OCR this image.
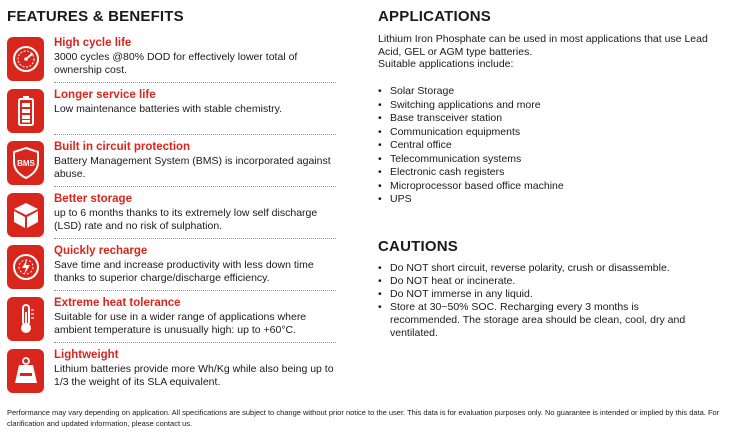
FEATURES & BENEFITS
High cycle life
3000 cycles @80% DOD for effectively lower total of ownership cost.
Longer service life
Low maintenance batteries with stable chemistry.
BMS
Built in circuit protection
Battery Management System (BMS) is incorporated against abuse.
Better storage
up to 6 months thanks to its extremely low self discharge (LSD) rate and no risk of sulphation.
Quickly recharge
Save time and increase productivity with less down time thanks to superior charge/discharge efficiency.
Extreme heat tolerance
Suitable for use in a wider range of applications where ambient temperature is unusually high: up to +60°C.
Lightweight
Lithium batteries provide more Wh/Kg while also being up to 1/3 the weight of its SLA equivalent.
APPLICATIONS
Lithium Iron Phosphate can be used in most applications that use Lead Acid, GEL or AGM type batteries.
Suitable applications include:
• Solar Storage
• Switching applications and more
• Base transceiver station
• Communication equipments
• Central office
• Telecommunication systems
• Electronic cash registers
• Microprocessor based office machine
• UPS
CAUTIONS
• Do NOT short circuit, reverse polarity, crush or disassemble.
• Do NOT heat or incinerate.
• Do NOT immerse in any liquid.
• Store at 30~50% SOC. Recharging every 3 months is recommended. The storage area should be clean, cool, dry and ventilated.
Performance may vary depending on application. All specifications are subject to change without prior notice to the user. This data is for evaluation purposes only. No guarantee is intended or implied by this data. For clarification and updated information, please contact us.
